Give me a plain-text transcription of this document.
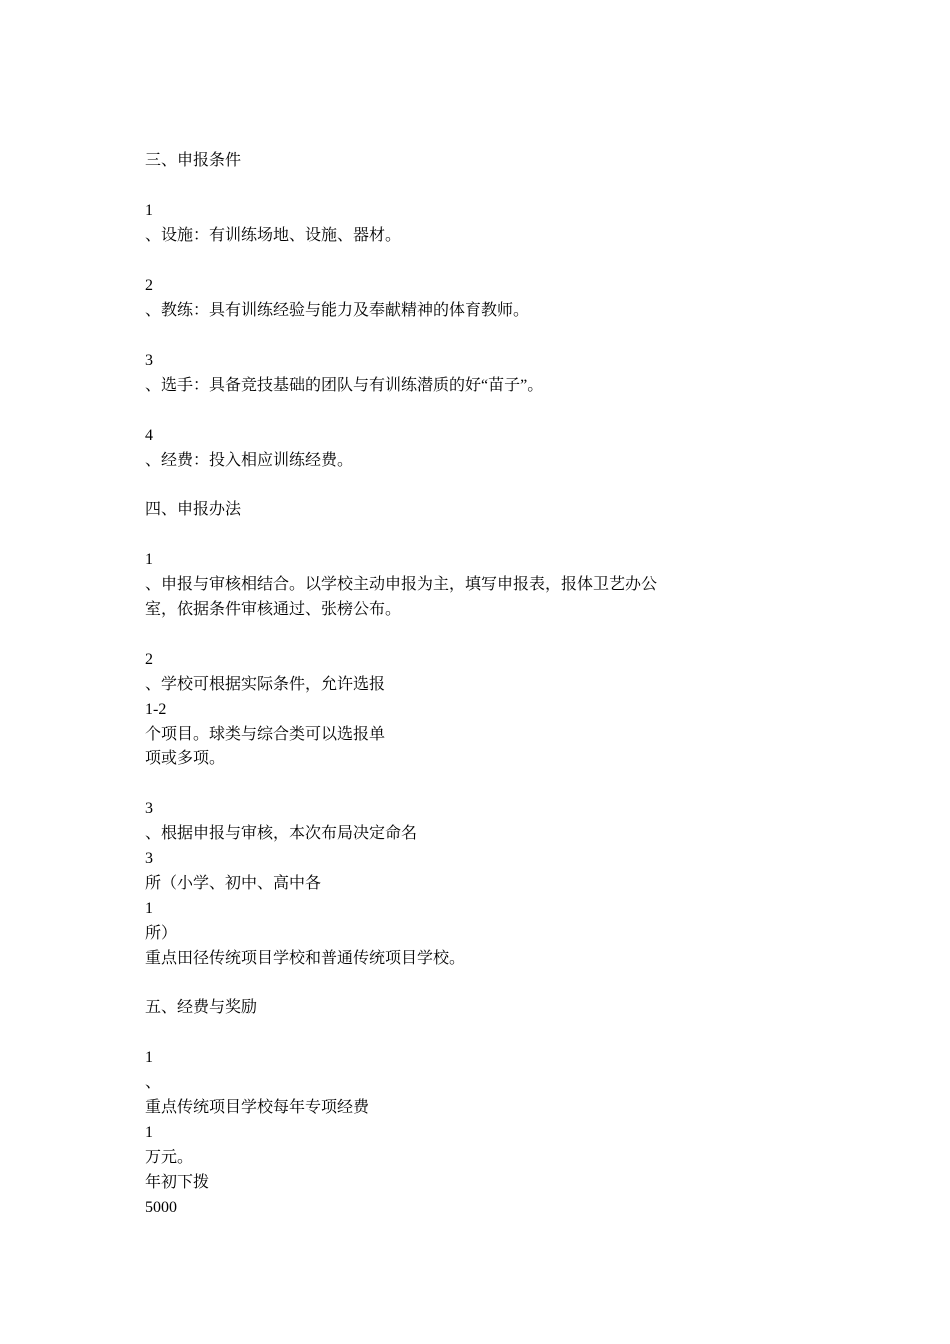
三、申报条件
1
、设施：有训练场地、设施、器材。
2
、教练：具有训练经验与能力及奉献精神的体育教师。
3
、选手：具备竞技基础的团队与有训练潜质的好“苗子”。
4
、经费：投入相应训练经费。
四、申报办法
1
、申报与审核相结合。以学校主动申报为主，填写申报表，报体卫艺办公
室，依据条件审核通过、张榜公布。
2
、学校可根据实际条件，允许选报
1-2
个项目。球类与综合类可以选报单
项或多项。
3
、根据申报与审核，本次布局决定命名
3
所（小学、初中、高中各
1
所）
重点田径传统项目学校和普通传统项目学校。
五、经费与奖励
1
、
重点传统项目学校每年专项经费
1
万元。
年初下拨
5000
